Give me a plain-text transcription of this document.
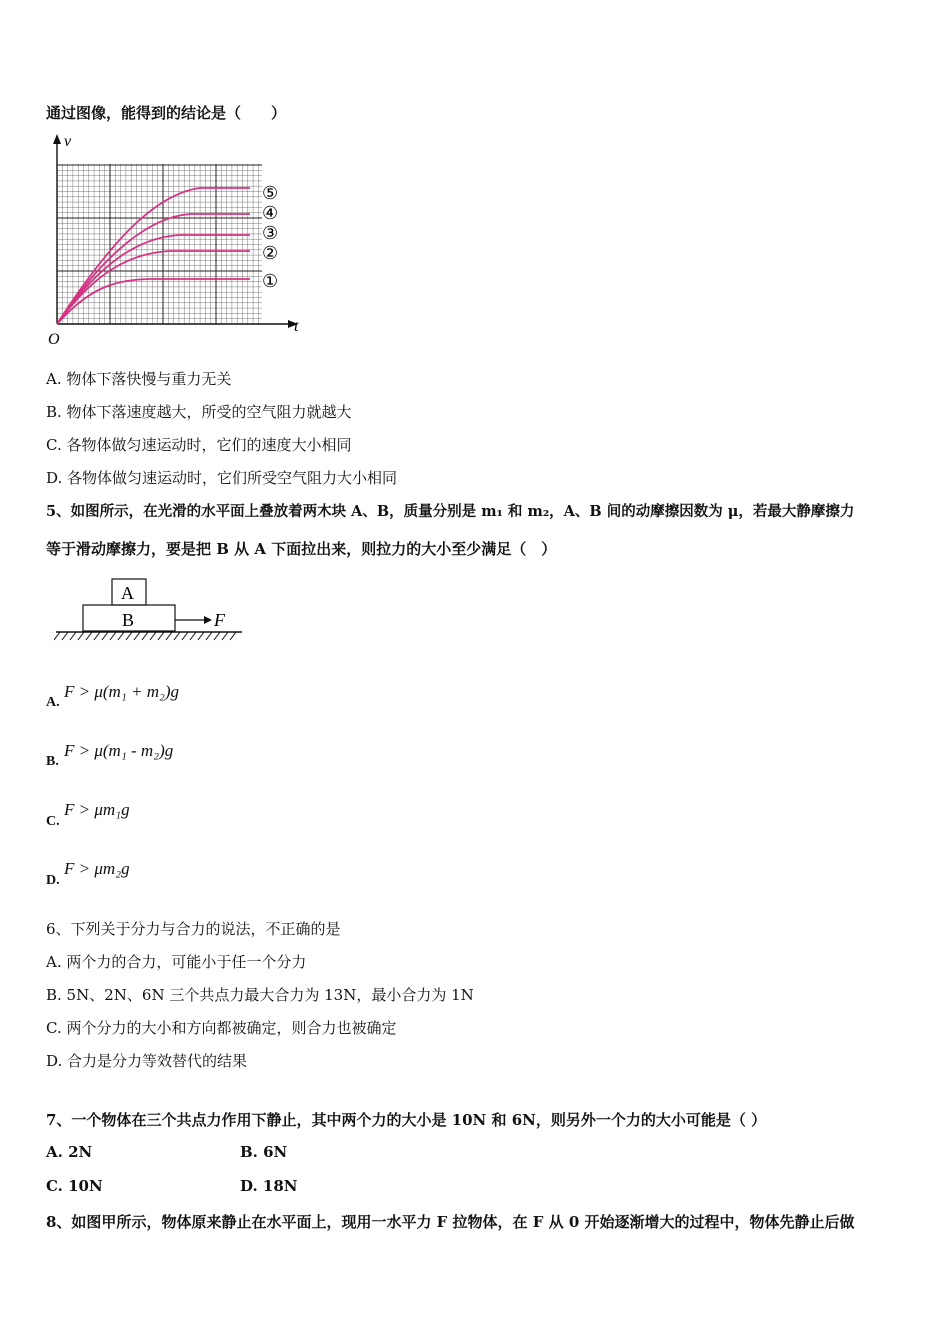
通过图像，能得到的结论是（　　）
v
t
O
⑤
④
③
②
①
A. 物体下落快慢与重力无关
B. 物体下落速度越大，所受的空气阻力就越大
C. 各物体做匀速运动时，它们的速度大小相同
D. 各物体做匀速运动时，它们所受空气阻力大小相同
5、如图所示，在光滑的水平面上叠放着两木块 A、B，质量分别是 m₁ 和 m₂，A、B 间的动摩擦因数为 μ，若最大静摩擦力
等于滑动摩擦力，要是把 B 从 A 下面拉出来，则拉力的大小至少满足（　）
A
B	F
A.
F > μ(m₁ + m₂)g
B.
F > μ(m₁ - m₂)g
C.
F > μm₁g
D.
F > μm₂g
6、下列关于分力与合力的说法，不正确的是
A. 两个力的合力，可能小于任一个分力
B. 5N、2N、6N 三个共点力最大合力为 13N，最小合力为 1N
C. 两个分力的大小和方向都被确定，则合力也被确定
D. 合力是分力等效替代的结果
7、一个物体在三个共点力作用下静止，其中两个力的大小是 10N 和 6N，则另外一个力的大小可能是（ ）
A. 2N	B. 6N
C. 10N	D. 18N
8、如图甲所示，物体原来静止在水平面上，现用一水平力 F 拉物体，在 F 从 0 开始逐渐增大的过程中，物体先静止后做
